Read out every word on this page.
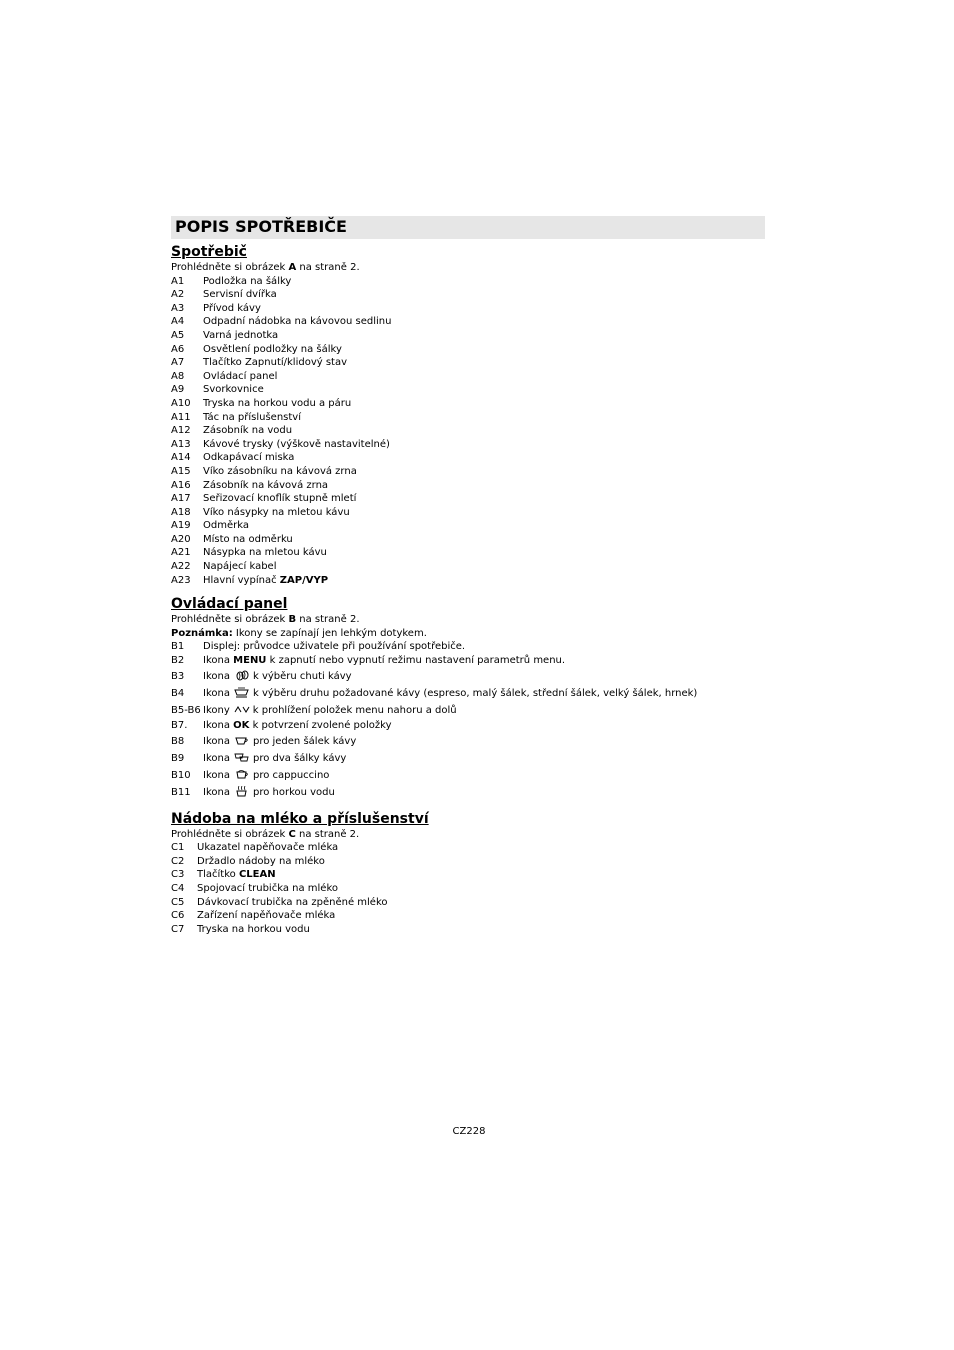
POPIS SPOTŘEBIČE
Spotřebič
Prohlédněte si obrázek A na straně 2.
A1	Podložka na šálky
A2	Servisní dvířka
A3	Přívod kávy
A4	Odpadní nádobka na kávovou sedlinu
A5	Varná jednotka
A6	Osvětlení podložky na šálky
A7	Tlačítko Zapnutí/klidový stav
A8	Ovládací panel
A9	Svorkovnice
A10	Tryska na horkou vodu a páru
A11	Tác na příslušenství
A12	Zásobník na vodu
A13	Kávové trysky (výškově nastavitelné)
A14	Odkapávací miska
A15	Víko zásobníku na kávová zrna
A16	Zásobník na kávová zrna
A17	Seřizovací knoflík stupně mletí
A18	Víko násypky na mletou kávu
A19	Odměrka
A20	Místo na odměrku
A21	Násypka na mletou kávu
A22	Napájecí kabel
A23	Hlavní vypínač ZAP/VYP
Ovládací panel
Prohlédněte si obrázek B na straně 2.
Poznámka: Ikony se zapínají jen lehkým dotykem.
B1	Displej: průvodce uživatele při používání spotřebiče.
B2	Ikona MENU k zapnutí nebo vypnutí režimu nastavení parametrů menu.
B3	Ikona k výběru chuti kávy
B4	Ikona k výběru druhu požadované kávy (espreso, malý šálek, střední šálek, velký šálek, hrnek)
B5-B6 Ikony k prohlížení položek menu nahoru a dolů
B7.	Ikona OK k potvrzení zvolené položky
B8	Ikona pro jeden šálek kávy
B9	Ikona pro dva šálky kávy
B10	Ikona pro cappuccino
B11	Ikona pro horkou vodu
Nádoba na mléko a příslušenství
Prohlédněte si obrázek C na straně 2.
C1	Ukazatel napěňovače mléka
C2	Držadlo nádoby na mléko
C3	Tlačítko CLEAN
C4	Spojovací trubička na mléko
C5	Dávkovací trubička na zpěněné mléko
C6	Zařízení napěňovače mléka
C7	Tryska na horkou vodu
CZ228
